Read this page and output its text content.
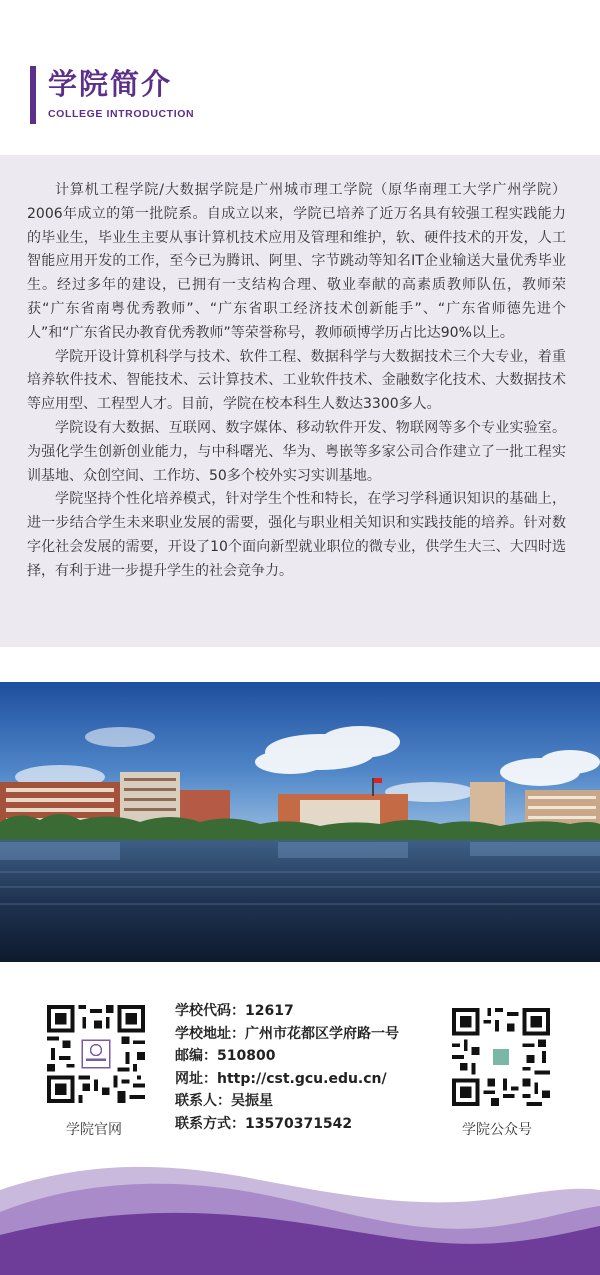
学院简介
COLLEGE INTRODUCTION

计算机工程学院/大数据学院是广州城市理工学院（原华南理工大学广州学院）2006年成立的第一批院系。自成立以来，学院已培养了近万名具有较强工程实践能力的毕业生，毕业生主要从事计算机技术应用及管理和维护，软、硬件技术的开发，人工智能应用开发的工作，至今已为腾讯、阿里、字节跳动等知名IT企业输送大量优秀毕业生。经过多年的建设，已拥有一支结构合理、敬业奉献的高素质教师队伍，教师荣获“广东省南粤优秀教师”、“广东省职工经济技术创新能手”、“广东省师德先进个人”和“广东省民办教育优秀教师”等荣誉称号，教师硕博学历占比达90%以上。

学院开设计算机科学与技术、软件工程、数据科学与大数据技术三个大专业，着重培养软件技术、智能技术、云计算技术、工业软件技术、金融数字化技术、大数据技术等应用型、工程型人才。目前，学院在校本科生人数达3300多人。

学院设有大数据、互联网、数字媒体、移动软件开发、物联网等多个专业实验室。为强化学生创新创业能力，与中科曙光、华为、粤嵌等多家公司合作建立了一批工程实训基地、众创空间、工作坊、50多个校外实习实训基地。

学院坚持个性化培养模式，针对学生个性和特长，在学习学科通识知识的基础上，进一步结合学生未来职业发展的需要，强化与职业相关知识和实践技能的培养。针对数字化社会发展的需要，开设了10个面向新型就业职位的微专业，供学生大三、大四时选择，有利于进一步提升学生的社会竞争力。

学院官网
学校代码：12617
学校地址：广州市花都区学府路一号
邮编：510800
网址：http://cst.gcu.edu.cn/
联系人：吴振星
联系方式：13570371542	学院公众号
